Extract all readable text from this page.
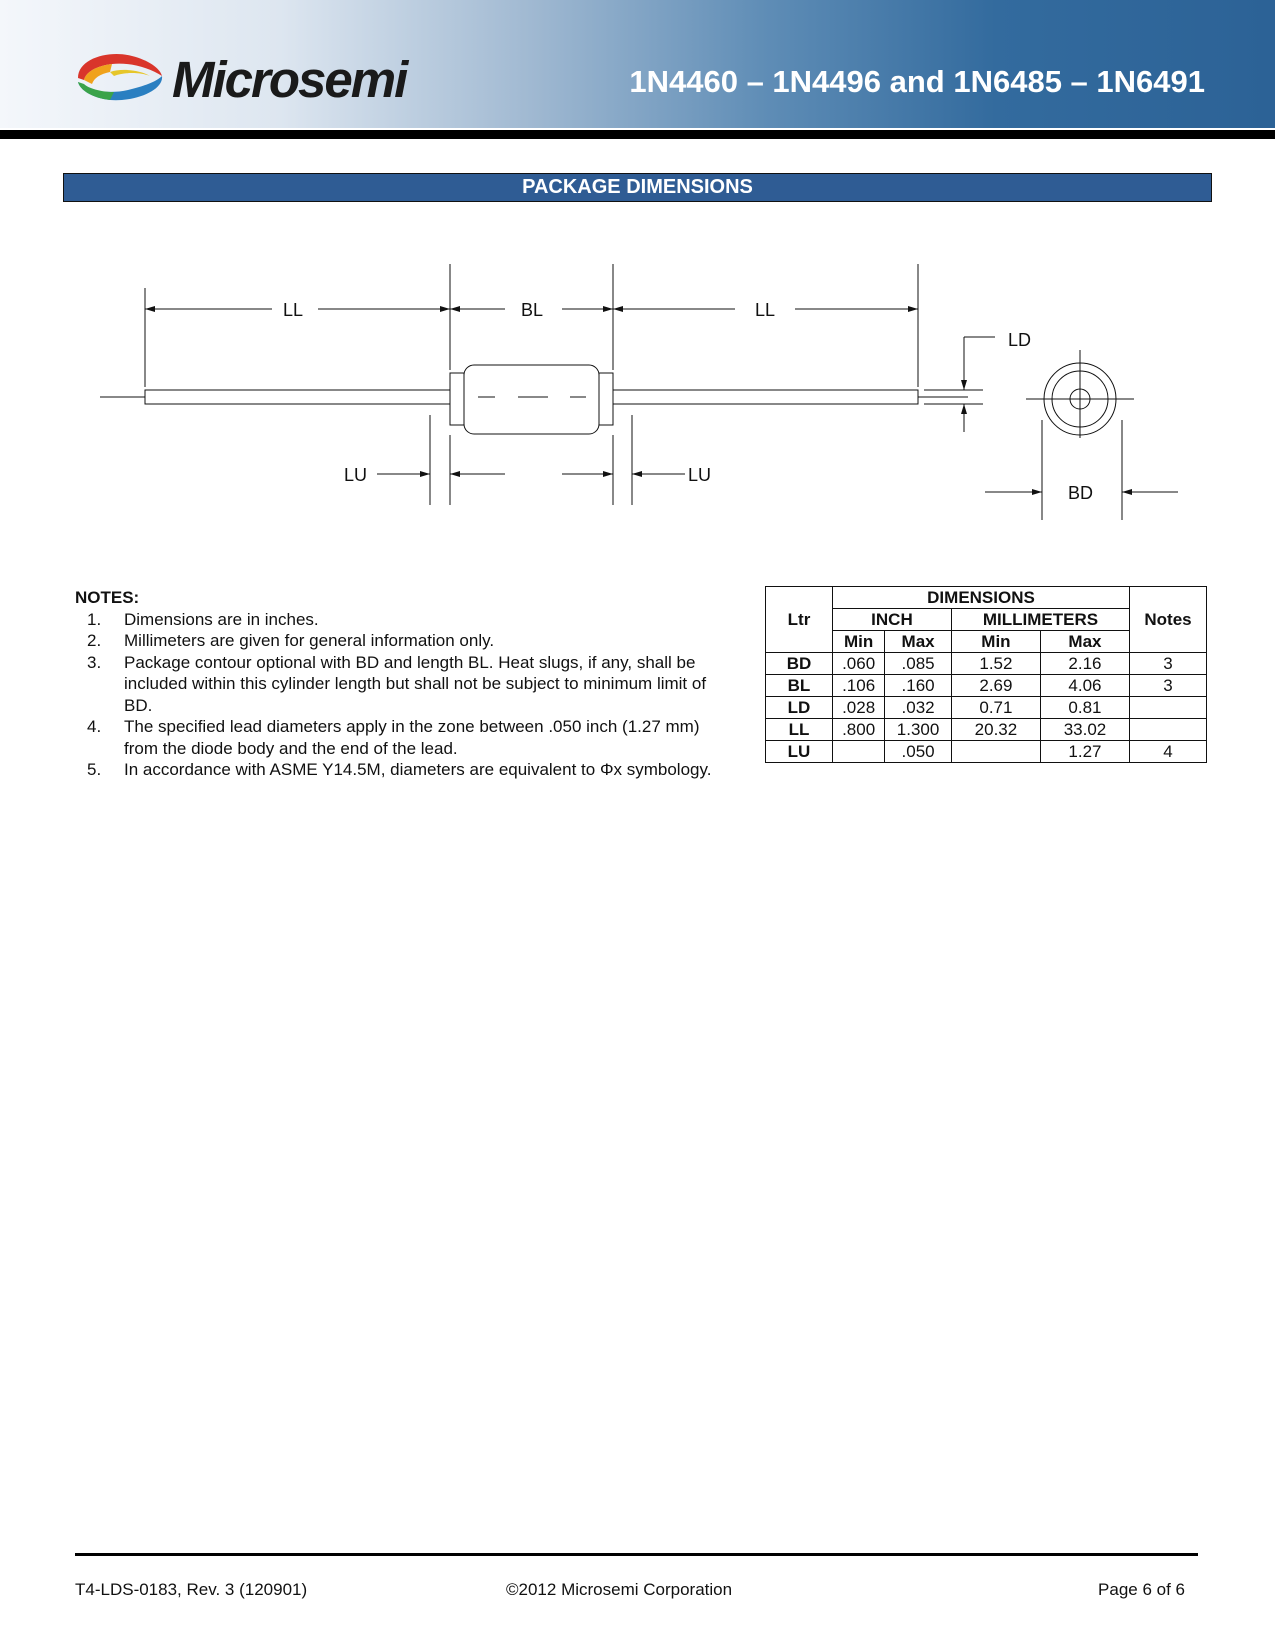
Microsemi	1N4460 – 1N4496 and 1N6485 – 1N6491
PACKAGE DIMENSIONS
LL	BL	LL
LD
LU	LU
BD
NOTES:
1. Dimensions are in inches.
2. Millimeters are given for general information only.
3. Package contour optional with BD and length BL. Heat slugs, if any, shall be included within this cylinder length but shall not be subject to minimum limit of BD.
4. The specified lead diameters apply in the zone between .050 inch (1.27 mm) from the diode body and the end of the lead.
5. In accordance with ASME Y14.5M, diameters are equivalent to Φx symbology.
Ltr	DIMENSIONS				Notes
	INCH		MILLIMETERS		
	Min	Max	Min	Max	
BD	.060	.085	1.52	2.16	3
BL	.106	.160	2.69	4.06	3
LD	.028	.032	0.71	0.81	
LL	.800	1.300	20.32	33.02	
LU		.050		1.27	4
T4-LDS-0183, Rev. 3 (120901)	©2012 Microsemi Corporation	Page 6 of 6
